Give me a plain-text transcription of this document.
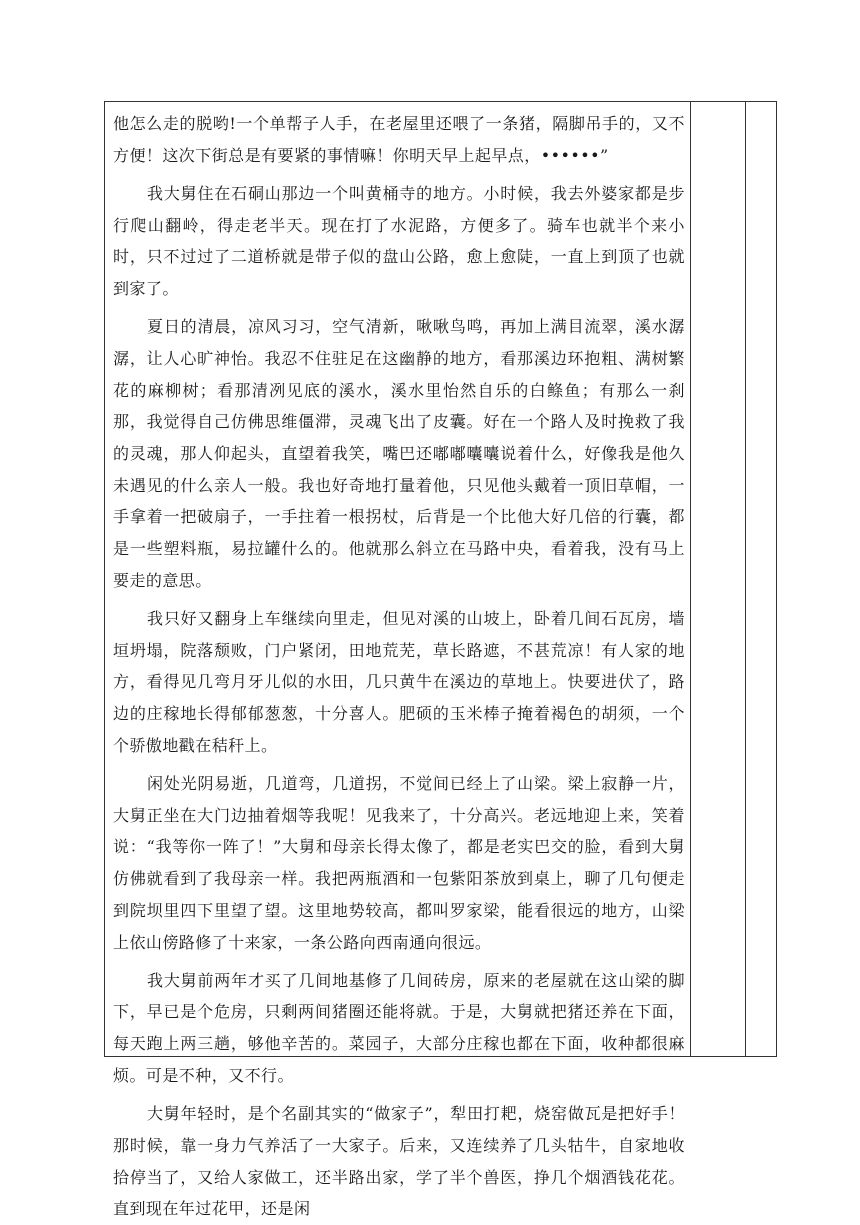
他怎么走的脱哟!一个单帮子人手，在老屋里还喂了一条猪，隔脚吊手的，又不方便！这次下街总是有要紧的事情嘛！你明天早上起早点，••••••”

我大舅住在石硐山那边一个叫黄桶寺的地方。小时候，我去外婆家都是步行爬山翻岭，得走老半天。现在打了水泥路，方便多了。骑车也就半个来小时，只不过过了二道桥就是带子似的盘山公路，愈上愈陡，一直上到顶了也就到家了。

夏日的清晨，凉风习习，空气清新，啾啾鸟鸣，再加上满目流翠，溪水潺潺，让人心旷神怡。我忍不住驻足在这幽静的地方，看那溪边环抱粗、满树繁花的麻柳树；看那清冽见底的溪水，溪水里怡然自乐的白鲦鱼；有那么一刹那，我觉得自己仿佛思维僵滞，灵魂飞出了皮囊。好在一个路人及时挽救了我的灵魂，那人仰起头，直望着我笑，嘴巴还嘟嘟囔囔说着什么，好像我是他久未遇见的什么亲人一般。我也好奇地打量着他，只见他头戴着一顶旧草帽，一手拿着一把破扇子，一手拄着一根拐杖，后背是一个比他大好几倍的行囊，都是一些塑料瓶，易拉罐什么的。他就那么斜立在马路中央，看着我，没有马上要走的意思。

我只好又翻身上车继续向里走，但见对溪的山坡上，卧着几间石瓦房，墙垣坍塌，院落颓败，门户紧闭，田地荒芜，草长路遮，不甚荒凉！有人家的地方，看得见几弯月牙儿似的水田，几只黄牛在溪边的草地上。快要进伏了，路边的庄稼地长得郁郁葱葱，十分喜人。肥硕的玉米棒子掩着褐色的胡须，一个个骄傲地戳在秸秆上。

闲处光阴易逝，几道弯，几道拐，不觉间已经上了山梁。梁上寂静一片，大舅正坐在大门边抽着烟等我呢！见我来了，十分高兴。老远地迎上来，笑着说：“我等你一阵了！”大舅和母亲长得太像了，都是老实巴交的脸，看到大舅仿佛就看到了我母亲一样。我把两瓶酒和一包紫阳茶放到桌上，聊了几句便走到院坝里四下里望了望。这里地势较高，都叫罗家梁，能看很远的地方，山梁上依山傍路修了十来家，一条公路向西南通向很远。

我大舅前两年才买了几间地基修了几间砖房，原来的老屋就在这山梁的脚下，早已是个危房，只剩两间猪圈还能将就。于是，大舅就把猪还养在下面，每天跑上两三趟，够他辛苦的。菜园子，大部分庄稼也都在下面，收种都很麻烦。可是不种，又不行。

大舅年轻时，是个名副其实的“做家子”，犁田打耙，烧窑做瓦是把好手！那时候，靠一身力气养活了一大家子。后来，又连续养了几头牯牛，自家地收拾停当了，又给人家做工，还半路出家，学了半个兽医，挣几个烟酒钱花花。直到现在年过花甲，还是闲
